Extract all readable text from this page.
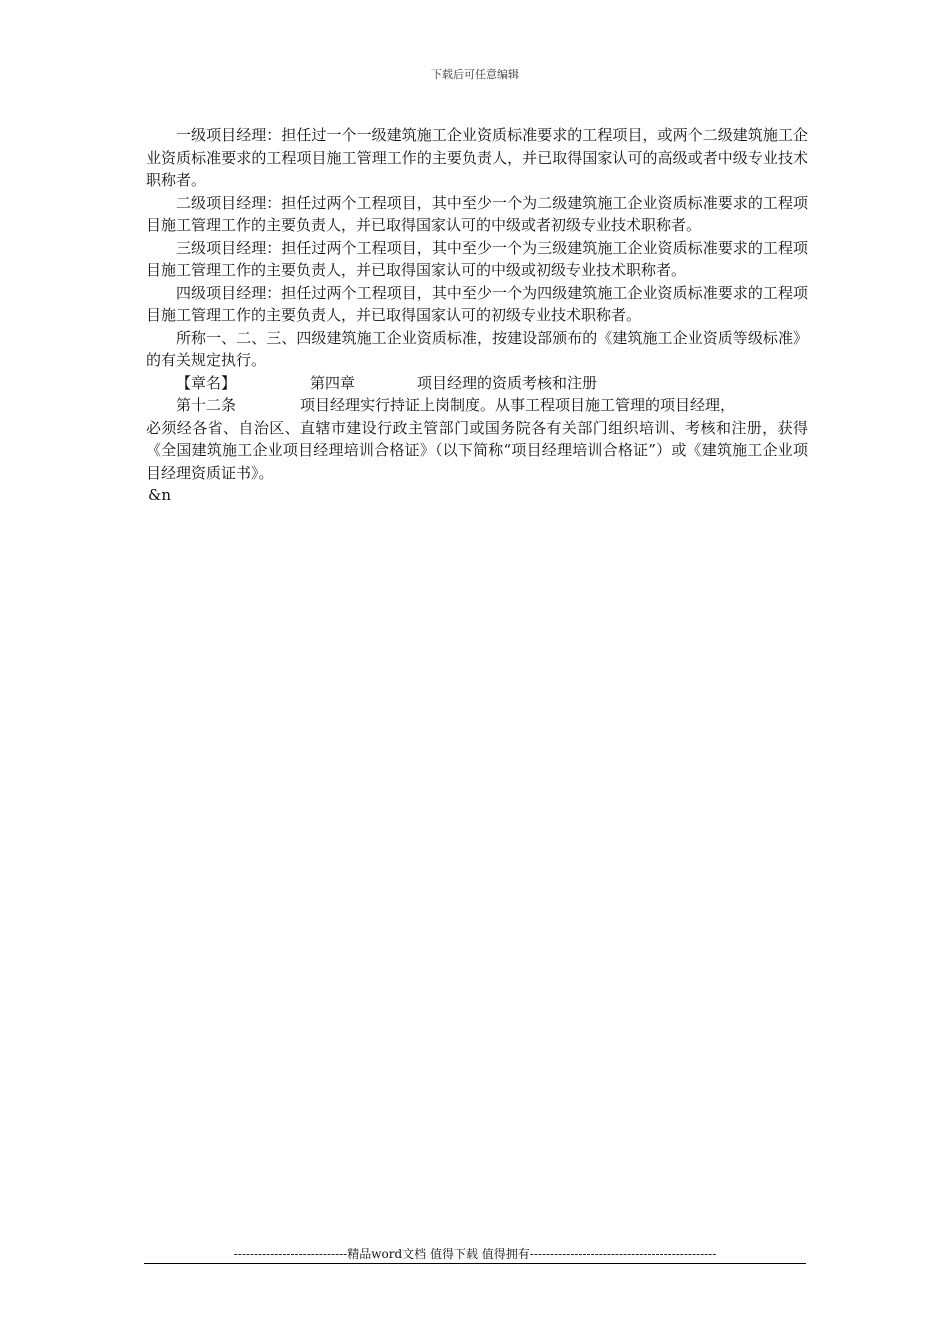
下载后可任意编辑

一级项目经理：担任过一个一级建筑施工企业资质标准要求的工程项目，或两个二级建筑施工企业资质标准要求的工程项目施工管理工作的主要负责人，并已取得国家认可的高级或者中级专业技术职称者。

二级项目经理：担任过两个工程项目，其中至少一个为二级建筑施工企业资质标准要求的工程项目施工管理工作的主要负责人，并已取得国家认可的中级或者初级专业技术职称者。

三级项目经理：担任过两个工程项目，其中至少一个为三级建筑施工企业资质标准要求的工程项目施工管理工作的主要负责人，并已取得国家认可的中级或初级专业技术职称者。

四级项目经理：担任过两个工程项目，其中至少一个为四级建筑施工企业资质标准要求的工程项目施工管理工作的主要负责人，并已取得国家认可的初级专业技术职称者。

所称一、二、三、四级建筑施工企业资质标准，按建设部颁布的《建筑施工企业资质等级标准》的有关规定执行。

【章名】	第四章	项目经理的资质考核和注册

第十二条	项目经理实行持证上岗制度。从事工程项目施工管理的项目经理，

必须经各省、自治区、直辖市建设行政主管部门或国务院各有关部门组织培训、考核和注册，获得《全国建筑施工企业项目经理培训合格证》（以下简称“项目经理培训合格证”）或《建筑施工企业项目经理资质证书》。

&n

----------------------------精品word文档 值得下载 值得拥有----------------------------------------------
